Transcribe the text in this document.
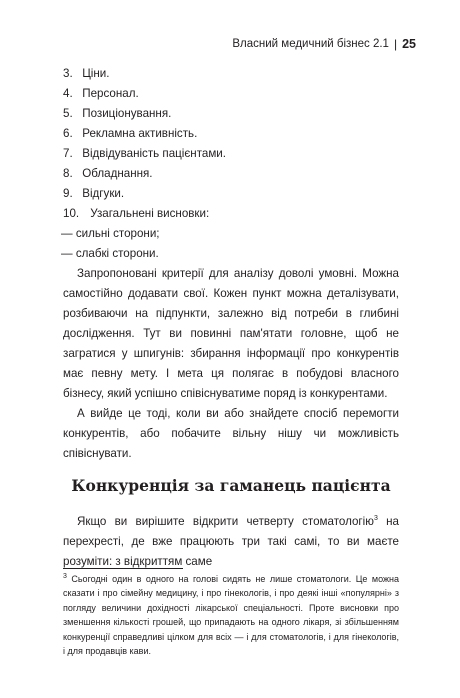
Власний медичний бізнес 2.1 | 25
3. Ціни.
4. Персонал.
5. Позиціонування.
6. Рекламна активність.
7. Відвідуваність пацієнтами.
8. Обладнання.
9. Відгуки.
10. Узагальнені висновки:
— сильні сторони;
— слабкі сторони.

Запропоновані критерії для аналізу доволі умовні. Можна самостійно додавати свої. Кожен пункт можна деталізувати, розбиваючи на підпункти, залежно від потреби в глибині дослідження. Тут ви повинні пам'ятати головне, щоб не загратися у шпигунів: збирання інформації про конкурентів має певну мету. І мета ця полягає в побудові власного бізнесу, який успішно співіснуватиме поряд із конкурентами.

А вийде це тоді, коли ви або знайдете спосіб перемогти конкурентів, або побачите вільну нішу чи можливість співіснувати.

Конкуренція за гаманець пацієнта

Якщо ви вирішите відкрити четверту стоматологію$^3$ на перехресті, де вже працюють три такі самі, то ви маєте розуміти: з відкриттям саме

$^3$ Сьогодні один в одного на голові сидять не лише стоматологи. Це можна сказати і про сімейну медицину, і про гінекологів, і про деякі інші «популярні» з погляду величини дохідності лікарської спеціальності. Проте висновки про зменшення кількості грошей, що припадають на одного лікаря, зі збільшенням конкуренції справедливі цілком для всіх — і для стоматологів, і для гінекологів, і для продавців кави.
